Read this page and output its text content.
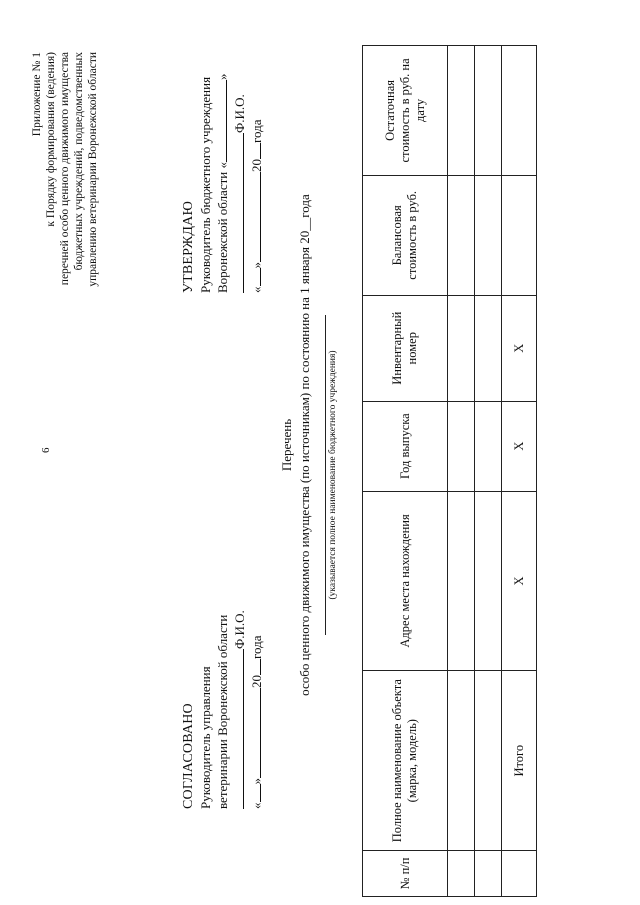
6
Приложение № 1 к Порядку формирования (ведения) перечней особо ценного движимого имущества бюджетных учреждений, подведомственных управлению ветеринарии Воронежской области
СОГЛАСОВАНО Руководитель управления ветеринарии Воронежской области Ф.И.О.
«
»
20
года
УТВЕРЖДАЮ Руководитель бюджетного учреждения Воронежской области «
»
Ф.И.О.
«
»
20
года
Перечень особо ценного движимого имущества (по источникам) по состоянию на 1 января 20__года	(указывается полное наименование бюджетного учреждения)
№ п/п	Полное наименование объекта (марка, модель)	Адрес места нахождения	Год выпуска	Инвентарный номер	Балансовая стоимость в руб.	Остаточная стоимость в руб. на дату

	Итого	Х	Х	Х		
